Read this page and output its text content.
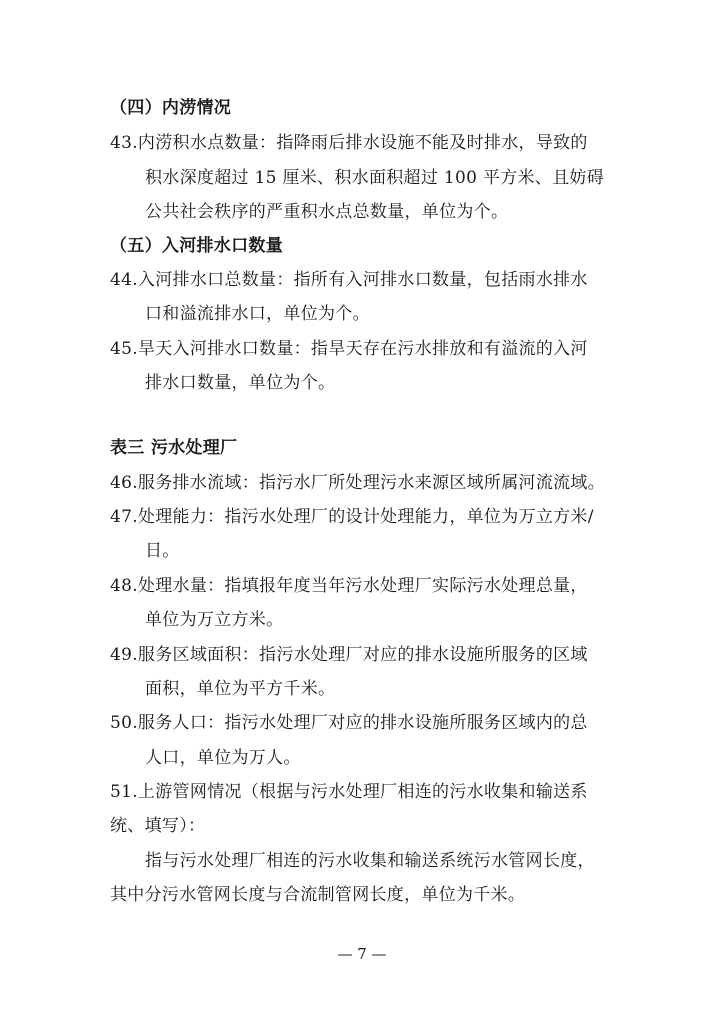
（四）内涝情况
43.内涝积水点数量：指降雨后排水设施不能及时排水，导致的
积水深度超过 15 厘米、积水面积超过 100 平方米、且妨碍
公共社会秩序的严重积水点总数量，单位为个。
（五）入河排水口数量
44.入河排水口总数量：指所有入河排水口数量，包括雨水排水
口和溢流排水口，单位为个。
45.旱天入河排水口数量：指旱天存在污水排放和有溢流的入河
排水口数量，单位为个。
表三 污水处理厂
46.服务排水流域：指污水厂所处理污水来源区域所属河流流域。
47.处理能力：指污水处理厂的设计处理能力，单位为万立方米/
日。
48.处理水量：指填报年度当年污水处理厂实际污水处理总量，
单位为万立方米。
49.服务区域面积：指污水处理厂对应的排水设施所服务的区域
面积，单位为平方千米。
50.服务人口：指污水处理厂对应的排水设施所服务区域内的总
人口，单位为万人。
51.上游管网情况（根据与污水处理厂相连的污水收集和输送系
统、填写）：
指与污水处理厂相连的污水收集和输送系统污水管网长度，
其中分污水管网长度与合流制管网长度，单位为千米。
— 7 —
